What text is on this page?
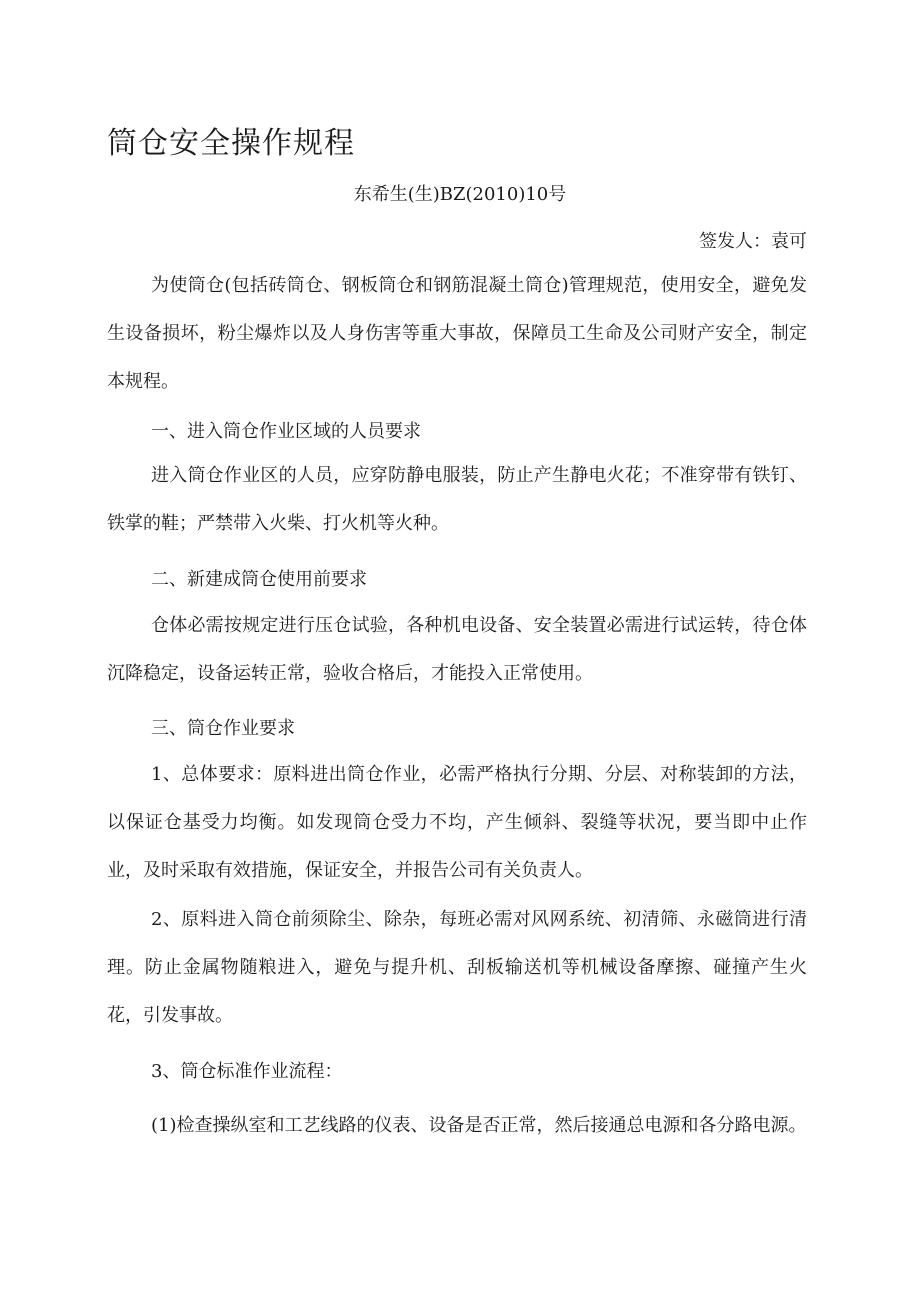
筒仓安全操作规程
东希生(生)BZ(2010)10号
签发人：袁可

为使筒仓(包括砖筒仓、钢板筒仓和钢筋混凝土筒仓)管理规范，使用安全，避免发生设备损坏，粉尘爆炸以及人身伤害等重大事故，保障员工生命及公司财产安全，制定本规程。

一、进入筒仓作业区域的人员要求

进入筒仓作业区的人员，应穿防静电服装，防止产生静电火花；不准穿带有铁钉、铁掌的鞋；严禁带入火柴、打火机等火种。

二、新建成筒仓使用前要求

仓体必需按规定进行压仓试验，各种机电设备、安全装置必需进行试运转，待仓体沉降稳定，设备运转正常，验收合格后，才能投入正常使用。

三、筒仓作业要求

1、总体要求：原料进出筒仓作业，必需严格执行分期、分层、对称装卸的方法，以保证仓基受力均衡。如发现筒仓受力不均，产生倾斜、裂缝等状况，要当即中止作业，及时采取有效措施，保证安全，并报告公司有关负责人。

2、原料进入筒仓前须除尘、除杂，每班必需对风网系统、初清筛、永磁筒进行清理。防止金属物随粮进入，避免与提升机、刮板输送机等机械设备摩擦、碰撞产生火花，引发事故。

3、筒仓标准作业流程：

(1)检查操纵室和工艺线路的仪表、设备是否正常，然后接通总电源和各分路电源。
